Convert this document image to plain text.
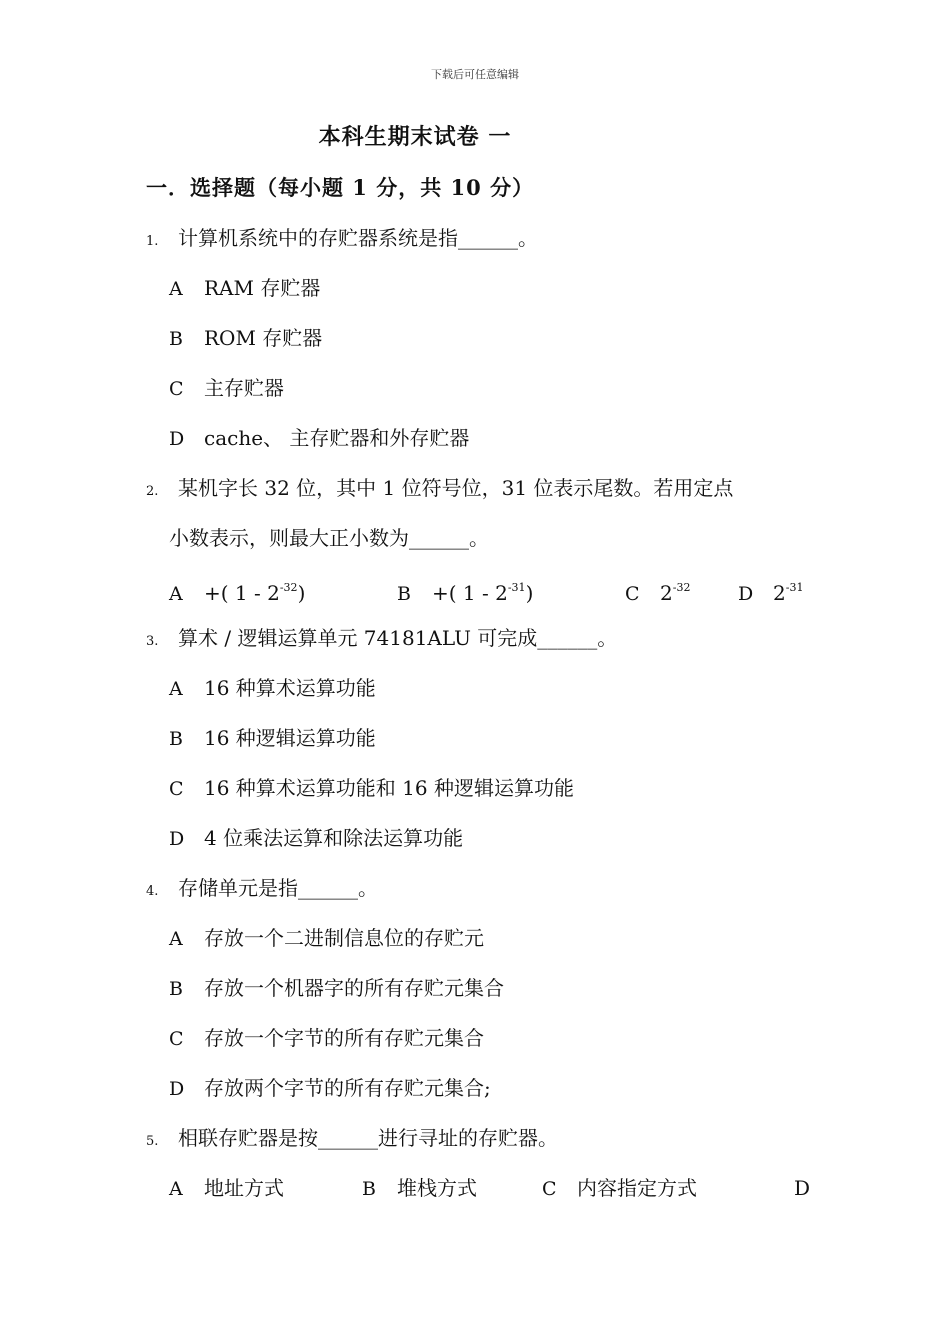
下载后可任意编辑
本科生期末试卷 一
一．选择题（每小题 1 分，共 10 分）
1. 计算机系统中的存贮器系统是指______。
A RAM 存贮器
B ROM 存贮器
C 主存贮器
D cache、 主存贮器和外存贮器
2. 某机字长 32 位，其中 1 位符号位，31 位表示尾数。若用定点
小数表示，则最大正小数为______。
A +( $1 - 2^{-32}$)	B +( $1 - 2^{-31}$)	C $2^{-32}$	D $2^{-31}$
3. 算术 / 逻辑运算单元 74181ALU 可完成______。
A 16 种算术运算功能
B 16 种逻辑运算功能
C 16 种算术运算功能和 16 种逻辑运算功能
D 4 位乘法运算和除法运算功能
4. 存储单元是指______。
A 存放一个二进制信息位的存贮元
B 存放一个机器字的所有存贮元集合
C 存放一个字节的所有存贮元集合
D 存放两个字节的所有存贮元集合;
5. 相联存贮器是按______进行寻址的存贮器。
A 地址方式	B 堆栈方式	C 内容指定方式	D
